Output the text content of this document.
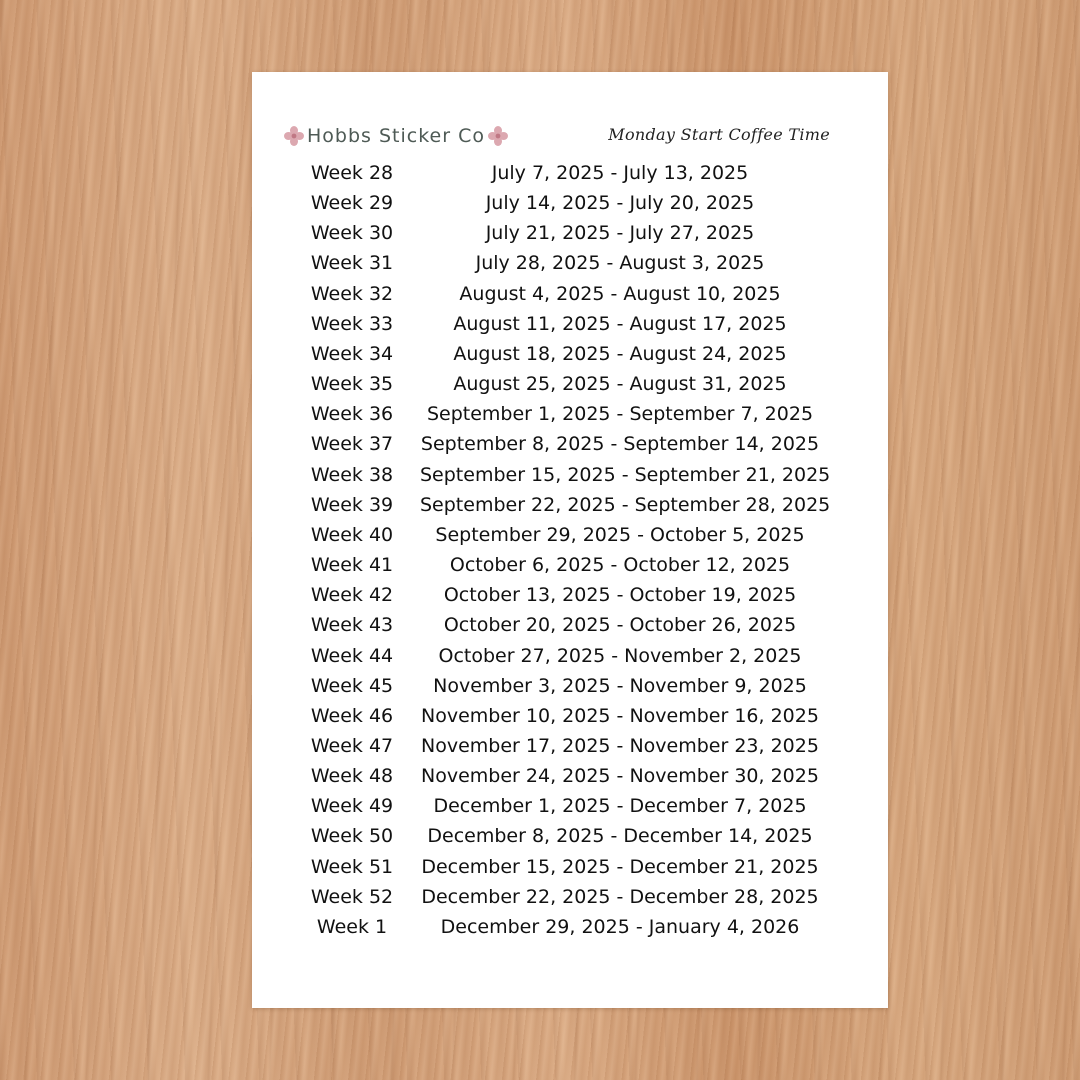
Hobbs Sticker Co	Monday Start Coffee Time
Week 28	July 7, 2025 - July 13, 2025
Week 29	July 14, 2025 - July 20, 2025
Week 30	July 21, 2025 - July 27, 2025
Week 31	July 28, 2025 - August 3, 2025
Week 32	August 4, 2025 - August 10, 2025
Week 33	August 11, 2025 - August 17, 2025
Week 34	August 18, 2025 - August 24, 2025
Week 35	August 25, 2025 - August 31, 2025
Week 36	September 1, 2025 - September 7, 2025
Week 37	September 8, 2025 - September 14, 2025
Week 38	September 15, 2025 - September 21, 2025
Week 39	September 22, 2025 - September 28, 2025
Week 40	September 29, 2025 - October 5, 2025
Week 41	October 6, 2025 - October 12, 2025
Week 42	October 13, 2025 - October 19, 2025
Week 43	October 20, 2025 - October 26, 2025
Week 44	October 27, 2025 - November 2, 2025
Week 45	November 3, 2025 - November 9, 2025
Week 46	November 10, 2025 - November 16, 2025
Week 47	November 17, 2025 - November 23, 2025
Week 48	November 24, 2025 - November 30, 2025
Week 49	December 1, 2025 - December 7, 2025
Week 50	December 8, 2025 - December 14, 2025
Week 51	December 15, 2025 - December 21, 2025
Week 52	December 22, 2025 - December 28, 2025
Week 1	December 29, 2025 - January 4, 2026
